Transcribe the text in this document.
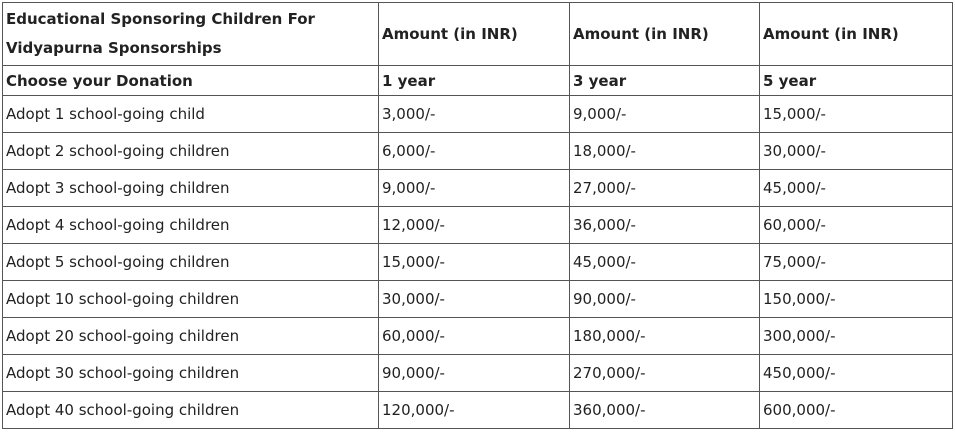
Educational Sponsoring Children For Vidyapurna Sponsorships	Amount (in INR)	Amount (in INR)	Amount (in INR)
Choose your Donation	1 year	3 year	5 year
Adopt 1 school-going child	3,000/-	9,000/-	15,000/-
Adopt 2 school-going children	6,000/-	18,000/-	30,000/-
Adopt 3 school-going children	9,000/-	27,000/-	45,000/-
Adopt 4 school-going children	12,000/-	36,000/-	60,000/-
Adopt 5 school-going children	15,000/-	45,000/-	75,000/-
Adopt 10 school-going children	30,000/-	90,000/-	150,000/-
Adopt 20 school-going children	60,000/-	180,000/-	300,000/-
Adopt 30 school-going children	90,000/-	270,000/-	450,000/-
Adopt 40 school-going children	120,000/-	360,000/-	600,000/-
